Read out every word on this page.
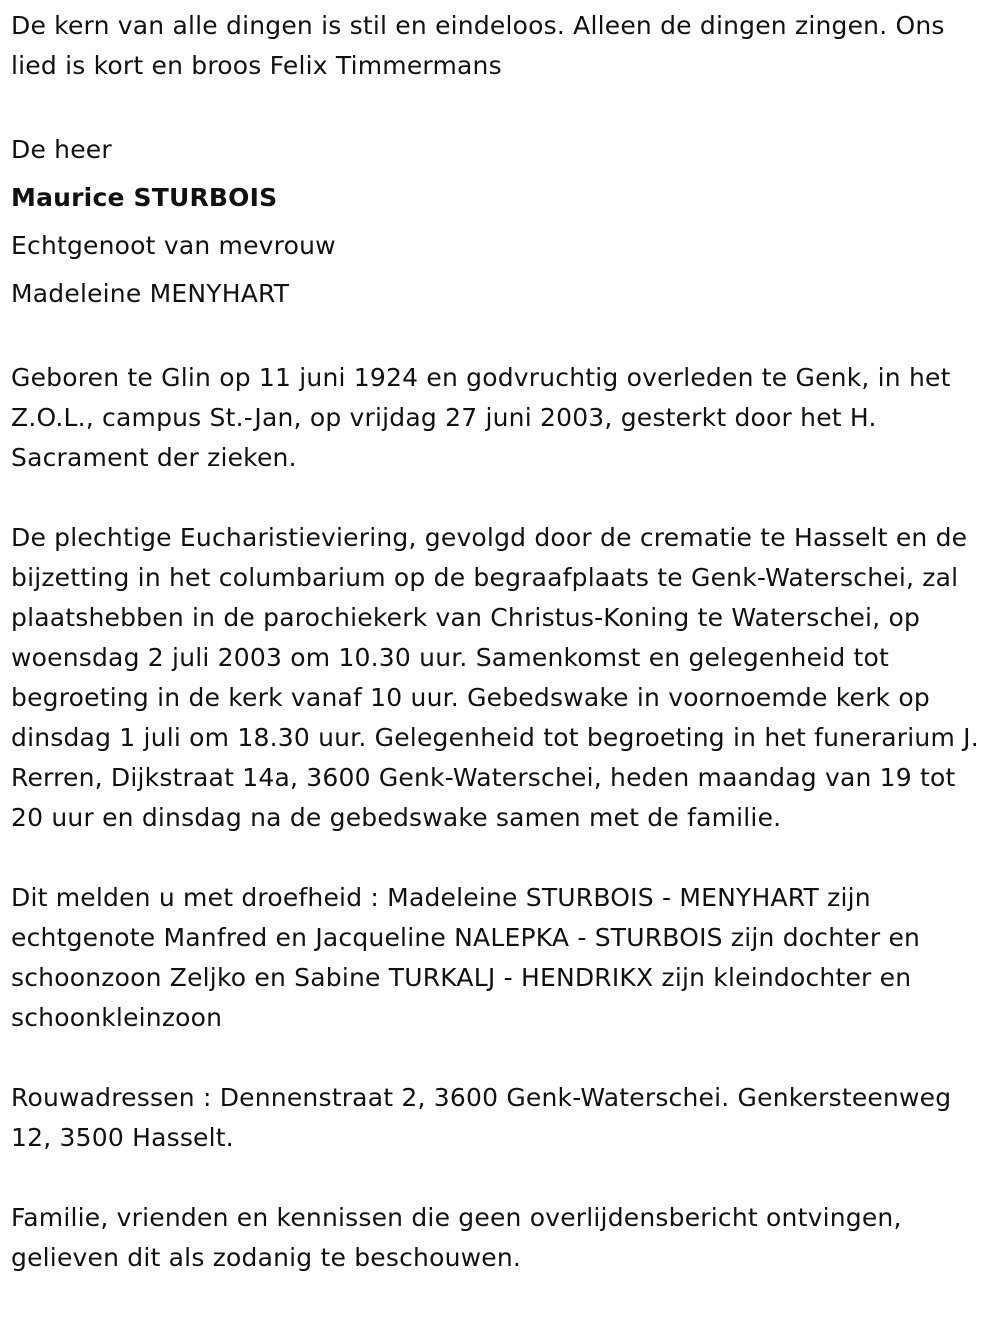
De kern van alle dingen is stil en eindeloos. Alleen de dingen zingen. Ons lied is kort en broos Felix Timmermans

De heer

Maurice STURBOIS

Echtgenoot van mevrouw

Madeleine MENYHART

Geboren te Glin op 11 juni 1924 en godvruchtig overleden te Genk, in het Z.O.L., campus St.-Jan, op vrijdag 27 juni 2003, gesterkt door het H. Sacrament der zieken.

De plechtige Eucharistieviering, gevolgd door de crematie te Hasselt en de bijzetting in het columbarium op de begraafplaats te Genk-Waterschei, zal plaatshebben in de parochiekerk van Christus-Koning te Waterschei, op woensdag 2 juli 2003 om 10.30 uur. Samenkomst en gelegenheid tot begroeting in de kerk vanaf 10 uur. Gebedswake in voornoemde kerk op dinsdag 1 juli om 18.30 uur. Gelegenheid tot begroeting in het funerarium J. Rerren, Dijkstraat 14a, 3600 Genk-Waterschei, heden maandag van 19 tot 20 uur en dinsdag na de gebedswake samen met de familie.

Dit melden u met droefheid : Madeleine STURBOIS - MENYHART zijn echtgenote Manfred en Jacqueline NALEPKA - STURBOIS zijn dochter en schoonzoon Zeljko en Sabine TURKALJ - HENDRIKX zijn kleindochter en schoonkleinzoon

Rouwadressen : Dennenstraat 2, 3600 Genk-Waterschei. Genkersteenweg 12, 3500 Hasselt.

Familie, vrienden en kennissen die geen overlijdensbericht ontvingen, gelieven dit als zodanig te beschouwen.
